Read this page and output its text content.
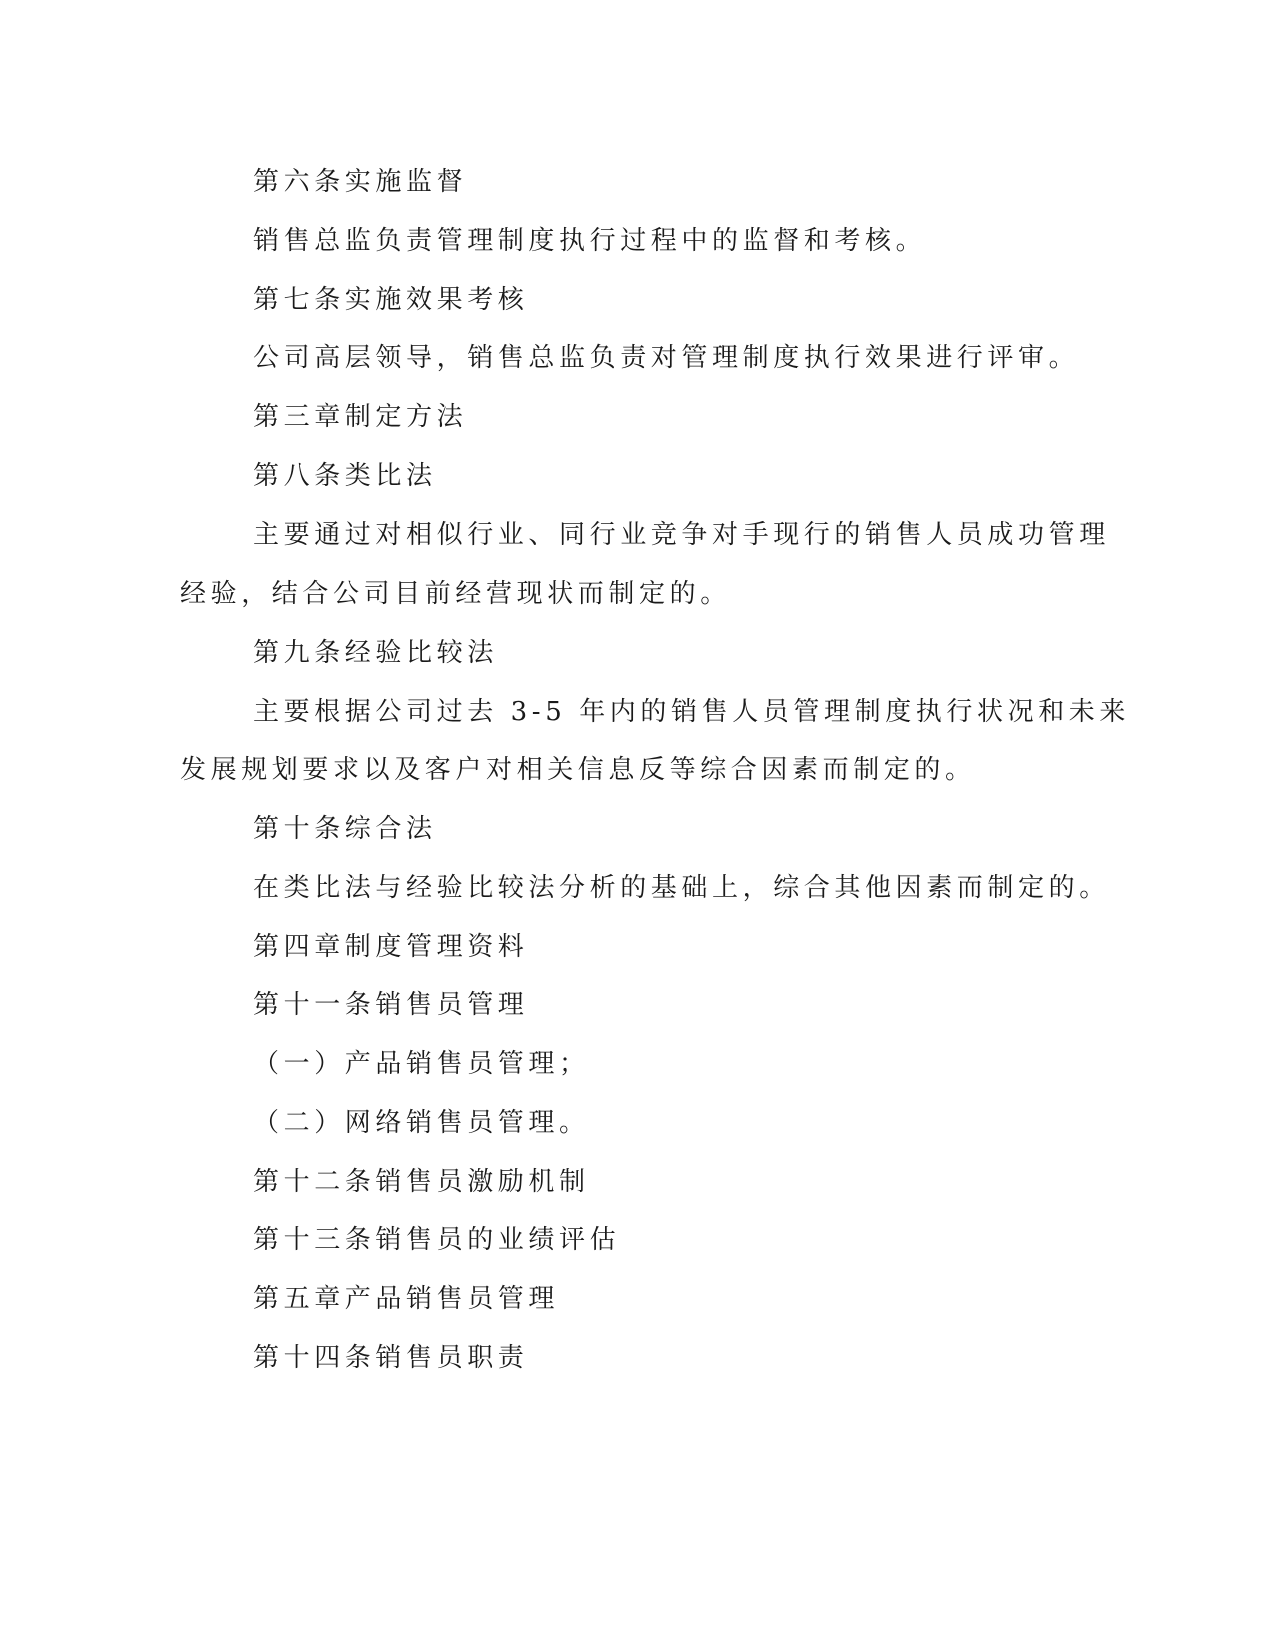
第六条实施监督
销售总监负责管理制度执行过程中的监督和考核。
第七条实施效果考核
公司高层领导，销售总监负责对管理制度执行效果进行评审。
第三章制定方法
第八条类比法
主要通过对相似行业、同行业竞争对手现行的销售人员成功管理
经验，结合公司目前经营现状而制定的。
第九条经验比较法
主要根据公司过去 3-5 年内的销售人员管理制度执行状况和未来
发展规划要求以及客户对相关信息反等综合因素而制定的。
第十条综合法
在类比法与经验比较法分析的基础上，综合其他因素而制定的。
第四章制度管理资料
第十一条销售员管理
（一）产品销售员管理；
（二）网络销售员管理。
第十二条销售员激励机制
第十三条销售员的业绩评估
第五章产品销售员管理
第十四条销售员职责
